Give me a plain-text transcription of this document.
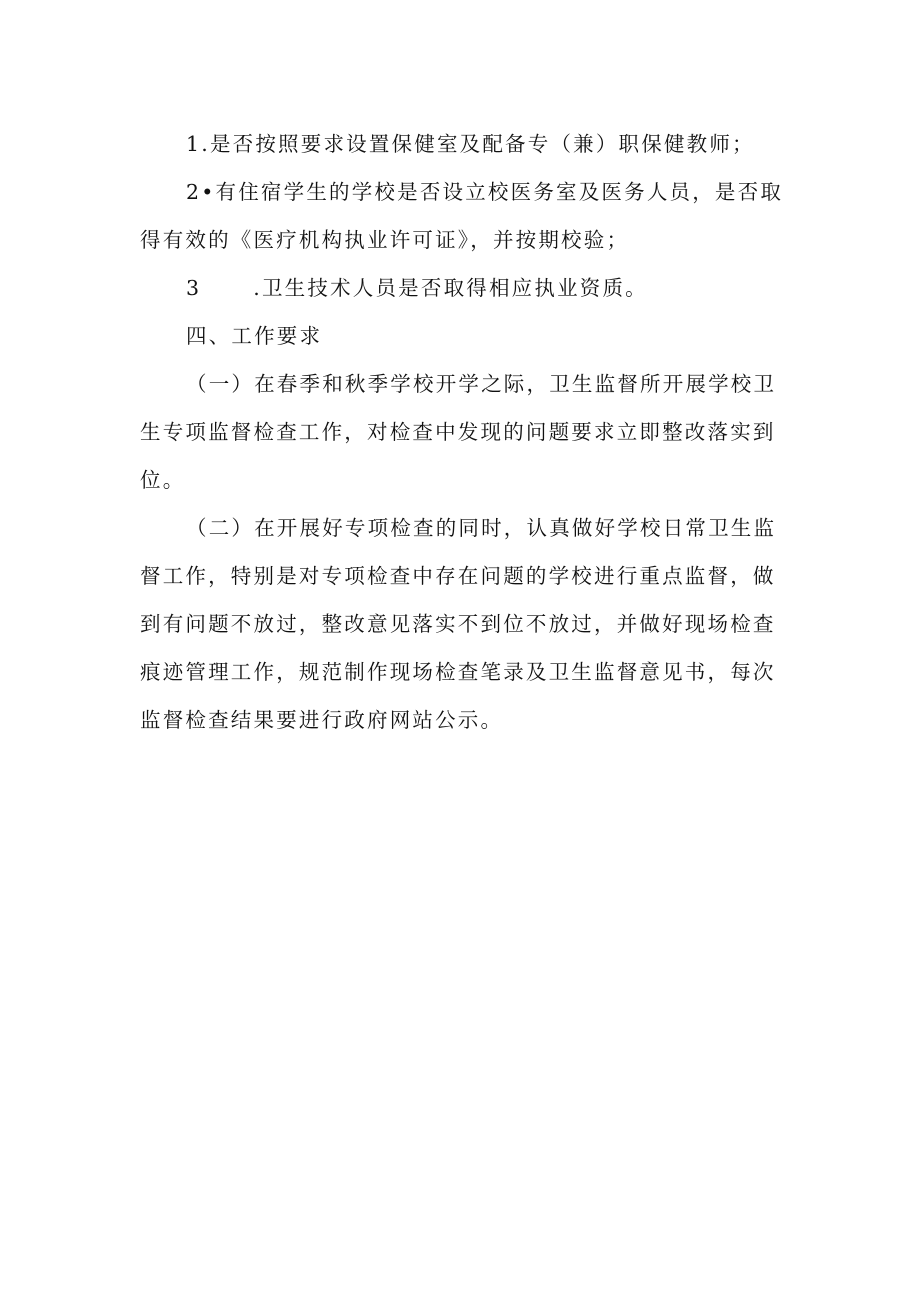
1.是否按照要求设置保健室及配备专（兼）职保健教师；

2•有住宿学生的学校是否设立校医务室及医务人员，是否取
得有效的《医疗机构执业许可证》，并按期校验；

3	.卫生技术人员是否取得相应执业资质。

四、工作要求

（一）在春季和秋季学校开学之际，卫生监督所开展学校卫
生专项监督检查工作，对检查中发现的问题要求立即整改落实到
位。

（二）在开展好专项检查的同时，认真做好学校日常卫生监
督工作，特别是对专项检查中存在问题的学校进行重点监督，做
到有问题不放过，整改意见落实不到位不放过，并做好现场检查
痕迹管理工作，规范制作现场检查笔录及卫生监督意见书，每次
监督检查结果要进行政府网站公示。
